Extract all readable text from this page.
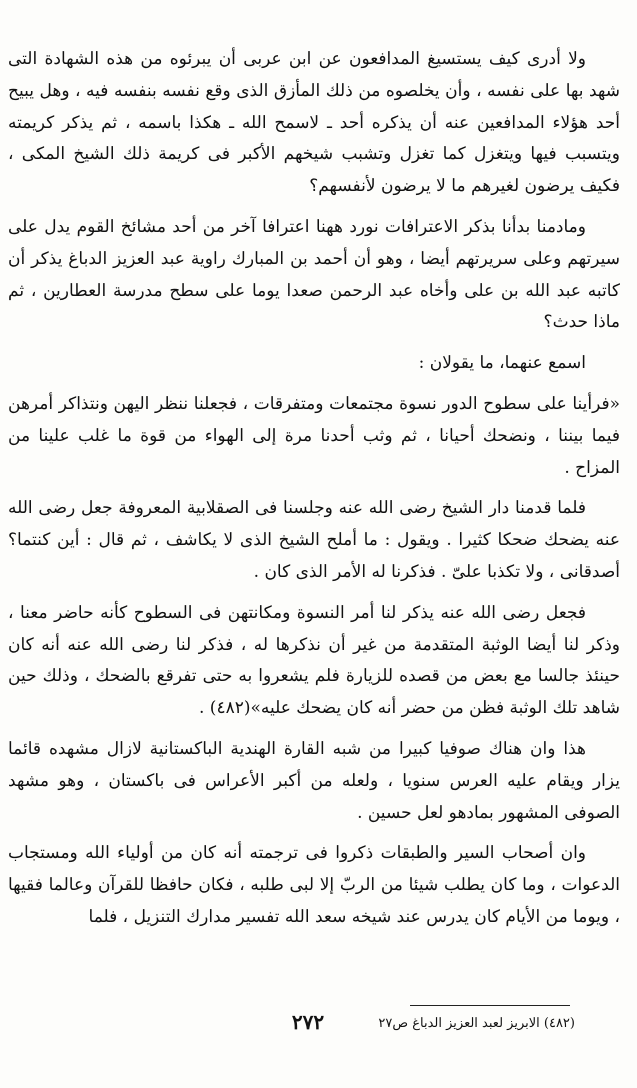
ولا أدرى كيف يستسيغ المدافعون عن ابن عربى أن يبرئوه من هذه الشهادة التى شهد بها على نفسه ، وأن يخلصوه من ذلك المأزق الذى وقع نفسه بنفسه فيه ، وهل يبيح أحد هؤلاء المدافعين عنه أن يذكره أحد ـ لاسمح الله ـ هكذا باسمه ، ثم يذكر كريمته ويتسبب فيها ويتغزل كما تغزل وتشبب شيخهم الأكبر فى كريمة ذلك الشيخ المكى ، فكيف يرضون لغيرهم ما لا يرضون لأنفسهم؟

ومادمنا بدأنا بذكر الاعترافات نورد ههنا اعترافا آخر من أحد مشائخ القوم يدل على سيرتهم وعلى سريرتهم أيضا ، وهو أن أحمد بن المبارك راوية عبد العزيز الدباغ يذكر أن كاتبه عبد الله بن على وأخاه عبد الرحمن صعدا يوما على سطح مدرسة العطارين ، ثم ماذا حدث؟

اسمع عنهما، ما يقولان :

«فرأينا على سطوح الدور نسوة مجتمعات ومتفرقات ، فجعلنا ننظر اليهن ونتذاكر أمرهن فيما بيننا ، ونضحك أحيانا ، ثم وثب أحدنا مرة إلى الهواء من قوة ما غلب علينا من المزاح .

فلما قدمنا دار الشيخ رضى الله عنه وجلسنا فى الصقلابية المعروفة جعل رضى الله عنه يضحك ضحكا كثيرا . ويقول : ما أملح الشيخ الذى لا يكاشف ، ثم قال : أين كنتما؟ أصدقانى ، ولا تكذبا علىّ . فذكرنا له الأمر الذى كان .

فجعل رضى الله عنه يذكر لنا أمر النسوة ومكانتهن فى السطوح كأنه حاضر معنا ، وذكر لنا أيضا الوثبة المتقدمة من غير أن نذكرها له ، فذكر لنا رضى الله عنه أنه كان حينئذ جالسا مع بعض من قصده للزيارة فلم يشعروا به حتى تفرقع بالضحك ، وذلك حين شاهد تلك الوثبة فظن من حضر أنه كان يضحك عليه»(٤٨٢) .

هذا وان هناك صوفيا كبيرا من شبه القارة الهندية الباكستانية لازال مشهده قائما يزار ويقام عليه العرس سنويا ، ولعله من أكبر الأعراس فى باكستان ، وهو مشهد الصوفى المشهور بمادهو لعل حسين .

وان أصحاب السير والطبقات ذكروا فى ترجمته أنه كان من أولياء الله ومستجاب الدعوات ، وما كان يطلب شيئا من الربّ إلا لبى طلبه ، فكان حافظا للقرآن وعالما فقيها ، ويوما من الأيام كان يدرس عند شيخه سعد الله تفسير مدارك التنزيل ، فلما

(٤٨٢) الابريز لعبد العزيز الدباغ ص٢٧
٢٧٢
